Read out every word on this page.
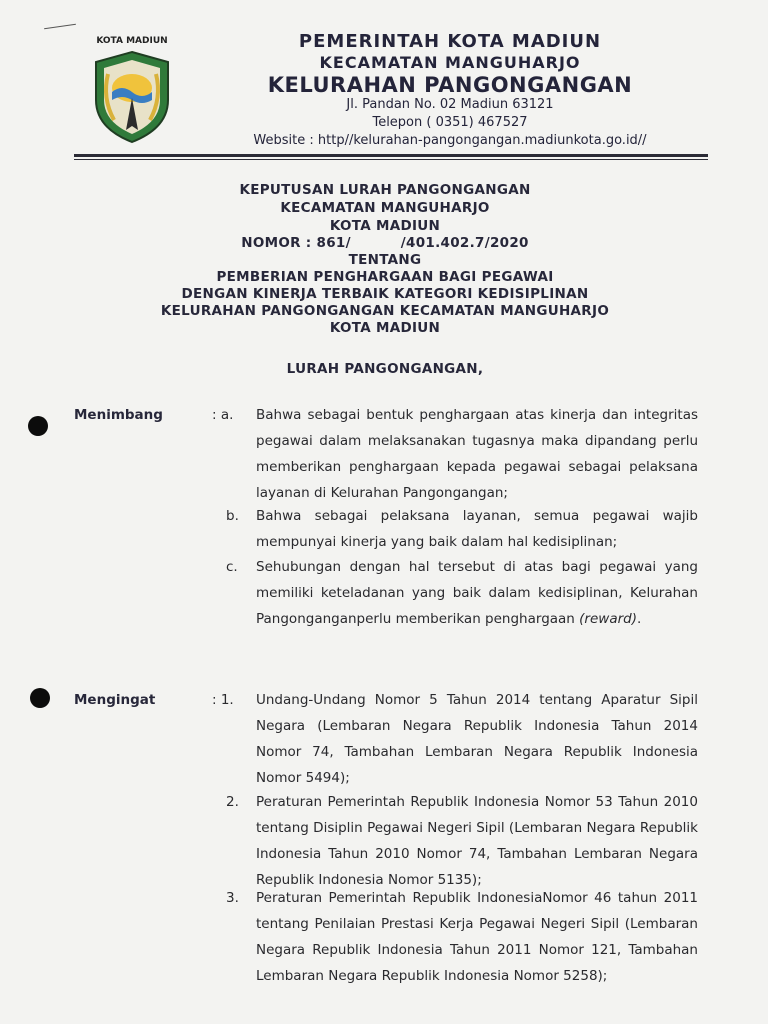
KOTA MADIUN	PEMERINTAH KOTA MADIUN
KECAMATAN MANGUHARJO
KELURAHAN PANGONGANGAN
Jl. Pandan No. 02 Madiun 63121
Telepon ( 0351) 467527
Website : http//kelurahan-pangongangan.madiunkota.go.id//
KEPUTUSAN LURAH PANGONGANGAN
KECAMATAN MANGUHARJO
KOTA MADIUN
NOMOR : 861/          /401.402.7/2020
TENTANG
PEMBERIAN PENGHARGAAN BAGI PEGAWAI
DENGAN KINERJA TERBAIK KATEGORI KEDISIPLINAN
KELURAHAN PANGONGANGAN KECAMATAN MANGUHARJO
KOTA MADIUN
LURAH PANGONGANGAN,
Menimbang	: a. Bahwa sebagai bentuk penghargaan atas kinerja dan integritas pegawai dalam melaksanakan tugasnya maka dipandang perlu memberikan penghargaan kepada pegawai sebagai pelaksana layanan di Kelurahan Pangongangan;
b. Bahwa sebagai pelaksana layanan, semua pegawai wajib mempunyai kinerja yang baik dalam hal kedisiplinan;
c. Sehubungan dengan hal tersebut di atas bagi pegawai yang memiliki keteladanan yang baik dalam kedisiplinan, Kelurahan Pangonganganperlu memberikan penghargaan (reward).
Mengingat	: 1. Undang-Undang Nomor 5 Tahun 2014 tentang Aparatur Sipil Negara (Lembaran Negara Republik Indonesia Tahun 2014 Nomor 74, Tambahan Lembaran Negara Republik Indonesia Nomor 5494);
2. Peraturan Pemerintah Republik Indonesia Nomor 53 Tahun 2010 tentang Disiplin Pegawai Negeri Sipil (Lembaran Negara Republik Indonesia Tahun 2010 Nomor 74, Tambahan Lembaran Negara Republik Indonesia Nomor 5135);
3. Peraturan Pemerintah Republik IndonesiaNomor 46 tahun 2011 tentang Penilaian Prestasi Kerja Pegawai Negeri Sipil (Lembaran Negara Republik Indonesia Tahun 2011 Nomor 121, Tambahan Lembaran Negara Republik Indonesia Nomor 5258);
